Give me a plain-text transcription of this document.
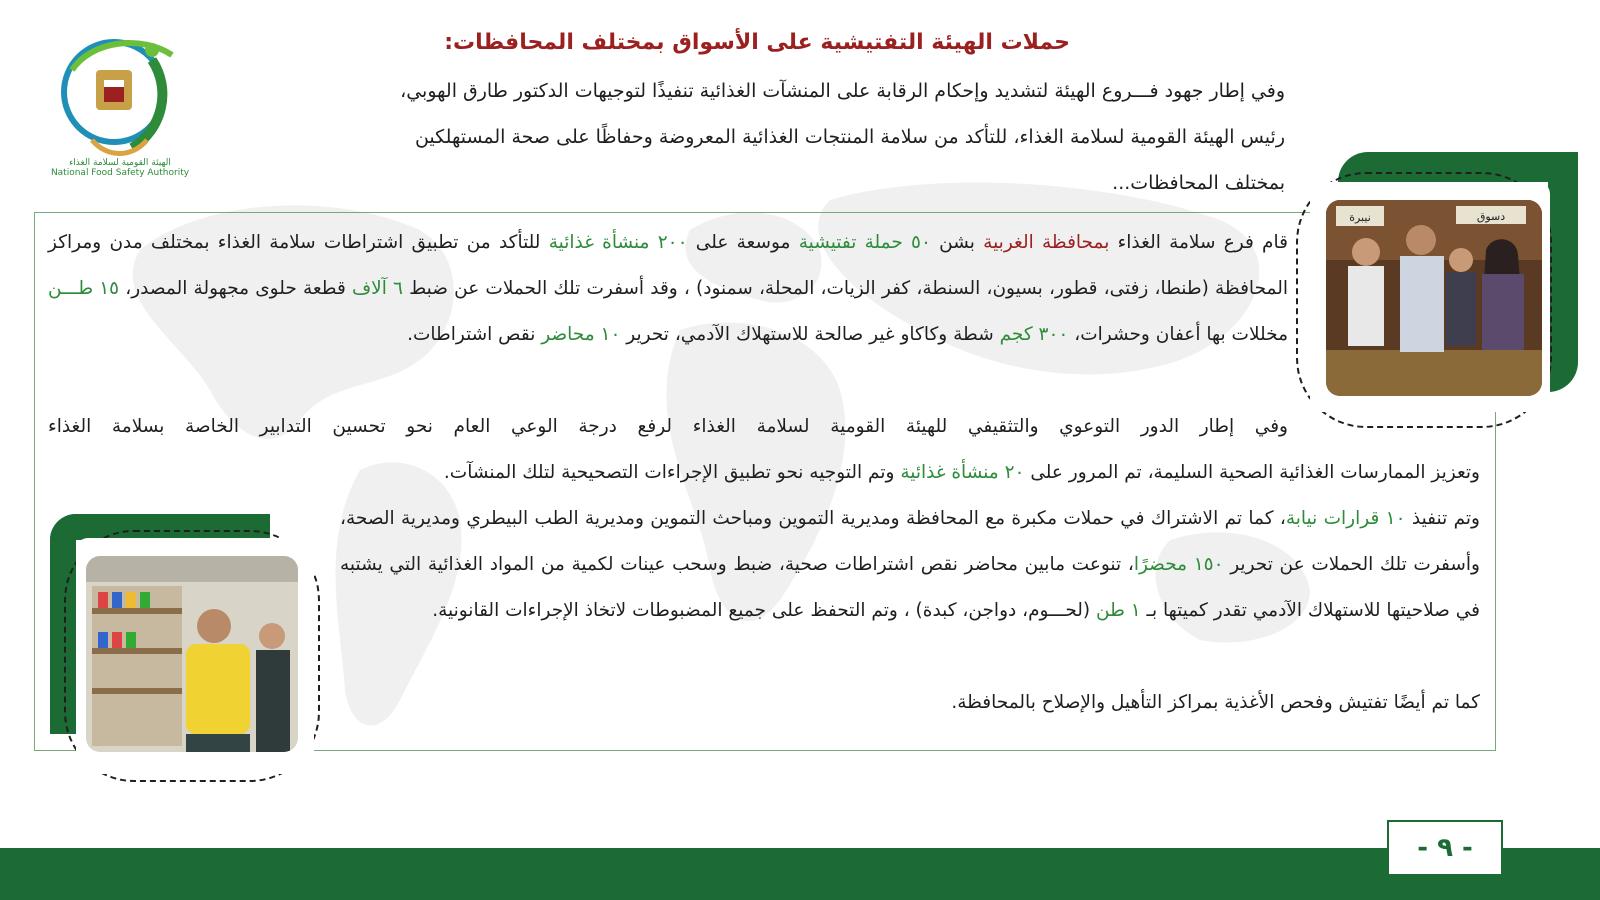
الهيئة القومية لسلامة الغذاء
National Food Safety Authority
حملات الهيئة التفتيشية على الأسواق بمختلف المحافظات:
وفي إطار جهود فـــروع الهيئة لتشديد وإحكام الرقابة على المنشآت الغذائية تنفيذًا لتوجيهات الدكتور طارق الهوبي، رئيس الهيئة القومية لسلامة الغذاء، للتأكد من سلامة المنتجات الغذائية المعروضة وحفاظًا على صحة المستهلكين بمختلف المحافظات...
نيبرة	دسوق
قام فرع سلامة الغذاء بمحافظة الغربية بشن ٥٠ حملة تفتيشية موسعة على ٢٠٠ منشأة غذائية للتأكد من تطبيق اشتراطات سلامة الغذاء بمختلف مدن ومراكز المحافظة (طنطا، زفتى، قطور، بسيون، السنطة، كفر الزيات، المحلة، سمنود) ، وقد أسفرت تلك الحملات عن ضبط ٦ آلاف قطعة حلوى مجهولة المصدر، ١٥ طـــن مخللات بها أعفان وحشرات، ٣٠٠ كجم شطة وكاكاو غير صالحة للاستهلاك الآدمي، تحرير ١٠ محاضر نقص اشتراطات.
وفي إطار الدور التوعوي والتثقيفي للهيئة القومية لسلامة الغذاء لرفع درجة الوعي العام نحو تحسين التدابير الخاصة بسلامة الغذاء
وتعزيز الممارسات الغذائية الصحية السليمة، تم المرور على ٢٠ منشأة غذائية وتم التوجيه نحو تطبيق الإجراءات التصحيحية لتلك المنشآت.
وتم تنفيذ ١٠ قرارات نيابة، كما تم الاشتراك في حملات مكبرة مع المحافظة ومديرية التموين ومباحث التموين ومديرية الطب البيطري ومديرية الصحة، وأسفرت تلك الحملات عن تحرير ١٥٠ محضرًا، تنوعت مابين محاضر نقص اشتراطات صحية، ضبط وسحب عينات لكمية من المواد الغذائية التي يشتبه في صلاحيتها للاستهلاك الآدمي تقدر كميتها بـ ١ طن (لحـــوم، دواجن، كبدة) ، وتم التحفظ على جميع المضبوطات لاتخاذ الإجراءات القانونية.
كما تم أيضًا تفتيش وفحص الأغذية بمراكز التأهيل والإصلاح بالمحافظة.
- ٩ -
